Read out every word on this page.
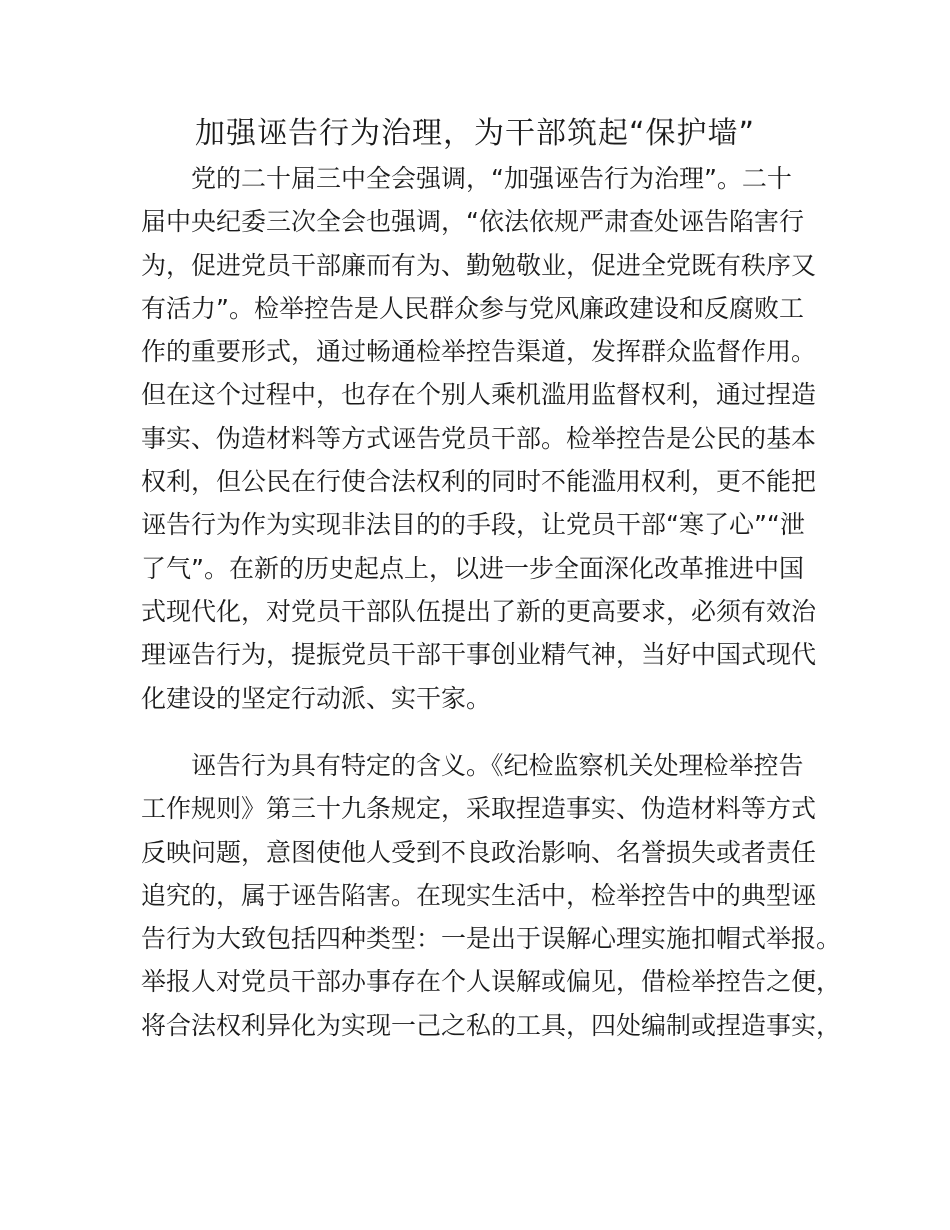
加强诬告行为治理，为干部筑起“保护墙”
党的二十届三中全会强调，“加强诬告行为治理”。二十
届中央纪委三次全会也强调，“依法依规严肃查处诬告陷害行
为，促进党员干部廉而有为、勤勉敬业，促进全党既有秩序又
有活力”。检举控告是人民群众参与党风廉政建设和反腐败工
作的重要形式，通过畅通检举控告渠道，发挥群众监督作用。
但在这个过程中，也存在个别人乘机滥用监督权利，通过捏造
事实、伪造材料等方式诬告党员干部。检举控告是公民的基本
权利，但公民在行使合法权利的同时不能滥用权利，更不能把
诬告行为作为实现非法目的的手段，让党员干部“寒了心”“泄
了气”。在新的历史起点上，以进一步全面深化改革推进中国
式现代化，对党员干部队伍提出了新的更高要求，必须有效治
理诬告行为，提振党员干部干事创业精气神，当好中国式现代
化建设的坚定行动派、实干家。
诬告行为具有特定的含义。《纪检监察机关处理检举控告
工作规则》第三十九条规定，采取捏造事实、伪造材料等方式
反映问题，意图使他人受到不良政治影响、名誉损失或者责任
追究的，属于诬告陷害。在现实生活中，检举控告中的典型诬
告行为大致包括四种类型：一是出于误解心理实施扣帽式举报。
举报人对党员干部办事存在个人误解或偏见，借检举控告之便，
将合法权利异化为实现一己之私的工具，四处编制或捏造事实，
